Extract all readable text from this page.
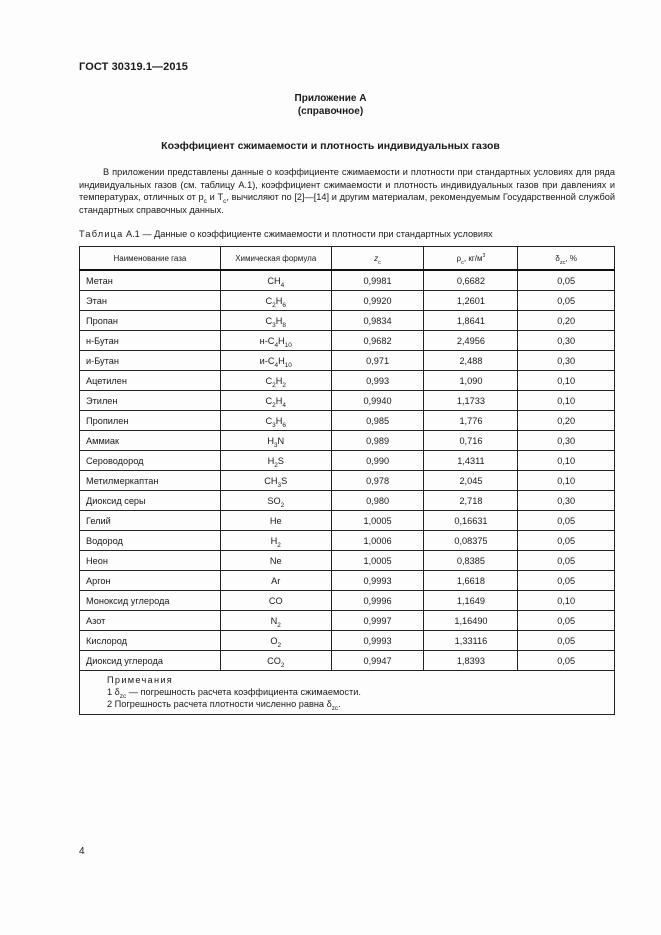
ГОСТ 30319.1—2015
Приложение А
(справочное)
Коэффициент сжимаемости и плотность индивидуальных газов
В приложении представлены данные о коэффициенте сжимаемости и плотности при стандартных условиях для ряда индивидуальных газов (см. таблицу А.1), коэффициент сжимаемости и плотность индивидуальных газов при давлениях и температурах, отличных от $p_c$ и $T_c$, вычисляют по [2]—[14] и другим материалам, рекомендуемым Государственной службой стандартных справочных данных.
Таблица А.1 — Данные о коэффициенте сжимаемости и плотности при стандартных условиях
Наименование газа	Химическая формула	$z_c$	$\rho_c$, $кг/м^3$	$\delta_{zc}$, %
Метан	$CH_4$	0,9981	0,6682	0,05
Этан	$C_2H_6$	0,9920	1,2601	0,05
Пропан	$C_3H_8$	0,9834	1,8641	0,20
н-Бутан	$н-C_4H_{10}$	0,9682	2,4956	0,30
и-Бутан	$и-C_4H_{10}$	0,971	2,488	0,30
Ацетилен	$C_2H_2$	0,993	1,090	0,10
Этилен	$C_2H_4$	0,9940	1,1733	0,10
Пропилен	$C_3H_6$	0,985	1,776	0,20
Аммиак	$H_3N$	0,989	0,716	0,30
Сероводород	$H_2S$	0,990	1,4311	0,10
Метилмеркаптан	$CH_3S$	0,978	2,045	0,10
Диоксид серы	$SO_2$	0,980	2,718	0,30
Гелий	He	1,0005	0,16631	0,05
Водород	$H_2$	1,0006	0,08375	0,05
Неон	Ne	1,0005	0,8385	0,05
Аргон	Ar	0,9993	1,6618	0,05
Моноксид углерода	CO	0,9996	1,1649	0,10
Азот	$N_2$	0,9997	1,16490	0,05
Кислород	$O_2$	0,9993	1,33116	0,05
Диоксид углерода	$CO_2$	0,9947	1,8393	0,05

Примечания
1 $\delta_{zc}$ — погрешность расчета коэффициента сжимаемости.
2 Погрешность расчета плотности численно равна $\delta_{zc}$.				
4
